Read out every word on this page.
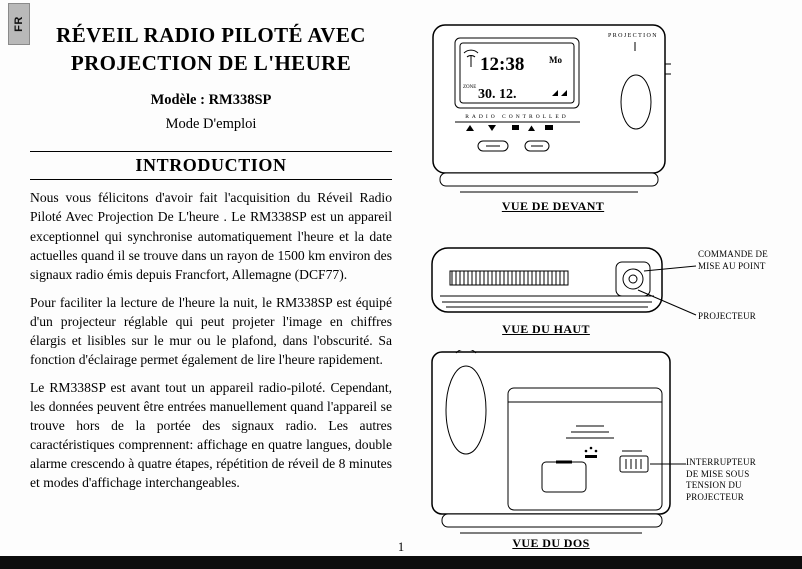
FR	RÉVEIL RADIO PILOTÉ AVEC
PROJECTION DE L'HEURE
Modèle : RM338SP
Mode D'emploi
INTRODUCTION

Nous vous félicitons d'avoir fait l'acquisition du Réveil Radio Piloté Avec Projection De L'heure . Le RM338SP est un appareil exceptionnel qui synchronise automatiquement l'heure et la date actuelles quand il se trouve dans un rayon de 1500 km environ des signaux radio émis depuis Francfort, Allemagne (DCF77).

Pour faciliter la lecture de l'heure la nuit, le RM338SP est équipé d'un projecteur réglable qui peut projeter l'image en chiffres élargis et lisibles sur le mur ou le plafond, dans l'obscurité. Sa fonction d'éclairage permet également de lire l'heure rapidement.

Le RM338SP est avant tout un appareil radio-piloté. Cependant, les données peuvent être entrées manuellement quand l'appareil se trouve hors de la portée des signaux radio. Les autres caractéristiques comprennent: affichage en quatre langues, double alarme crescendo à quatre étapes, répétition de réveil de 8 minutes et modes d'affichage interchangeables.

PROJECTION
12:38	Mo
ZONE 30. 12.
RADIO CONTROLLED
VUE DE DEVANT
VUE DU HAUT
COMMANDE DE MISE AU POINT
PROJECTEUR
VUE DU DOS
INTERRUPTEUR DE MISE SOUS TENSION DU PROJECTEUR
1
